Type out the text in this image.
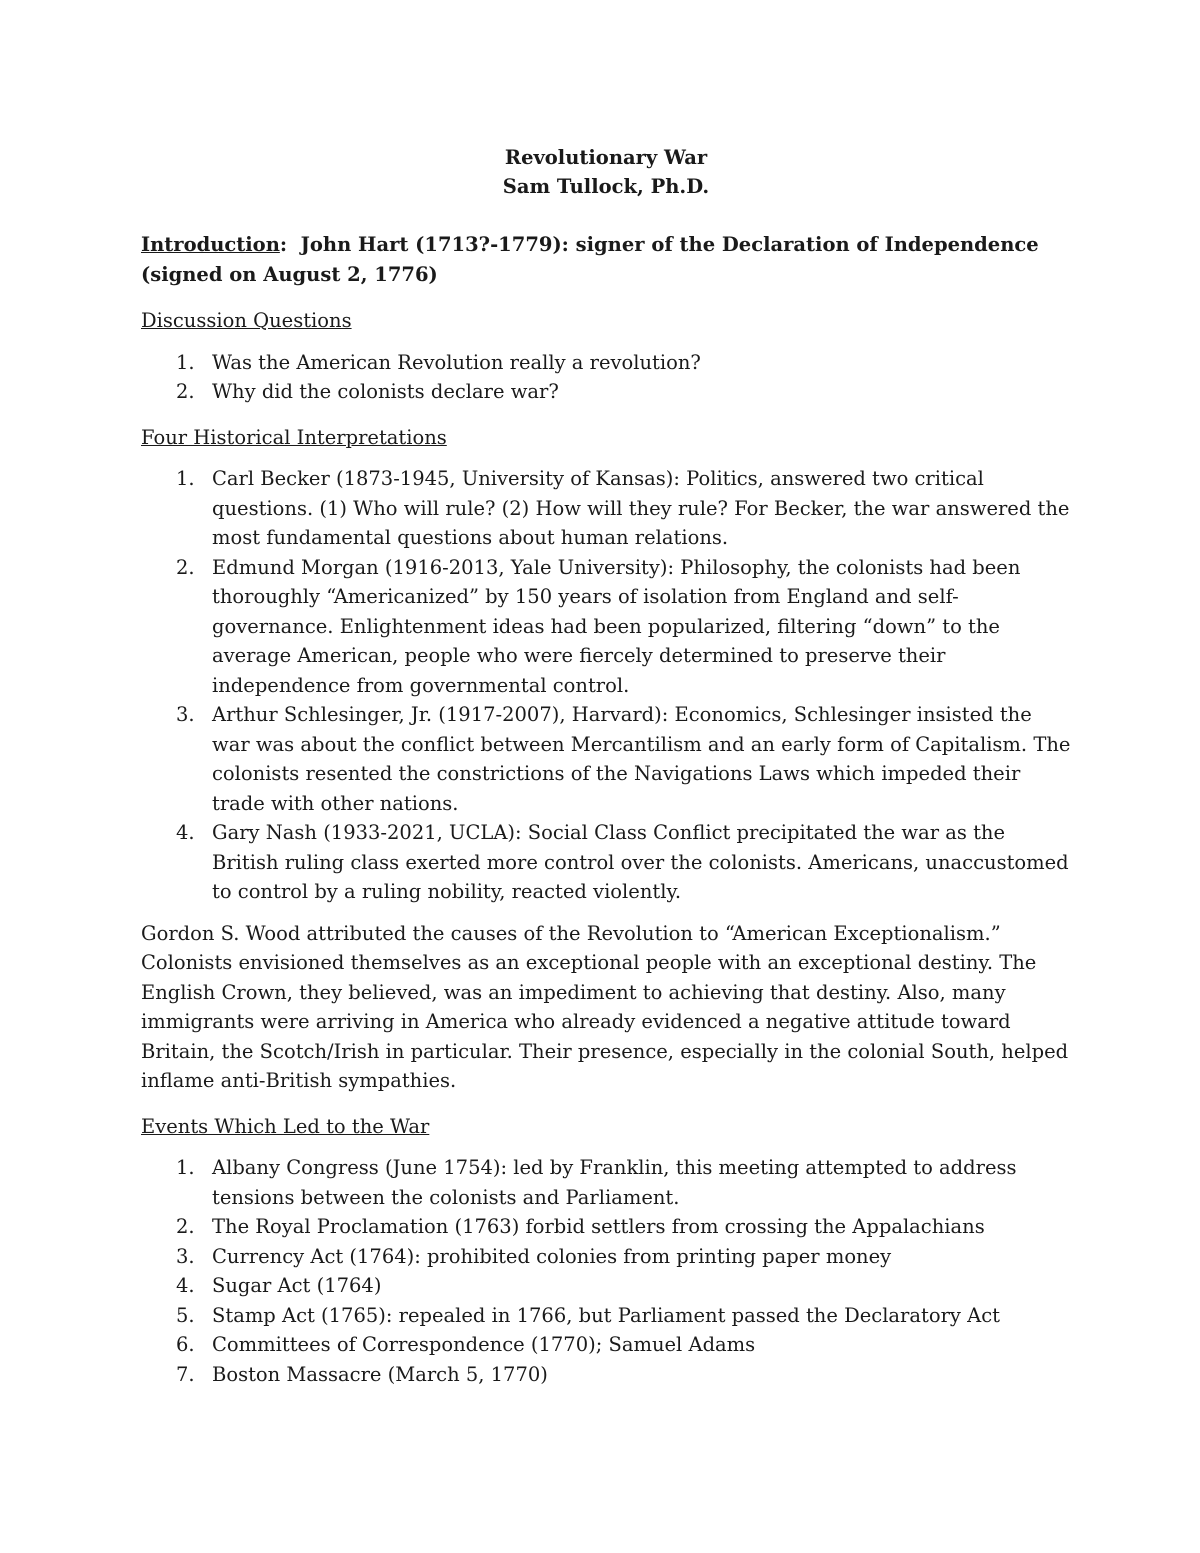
Revolutionary War
Sam Tullock, Ph.D.
Introduction:  John Hart (1713?-1779): signer of the Declaration of Independence (signed on August 2, 1776)
Discussion Questions
1. Was the American Revolution really a revolution?
2. Why did the colonists declare war?
Four Historical Interpretations
1. Carl Becker (1873-1945, University of Kansas): Politics, answered two critical questions. (1) Who will rule? (2) How will they rule? For Becker, the war answered the most fundamental questions about human relations.
2. Edmund Morgan (1916-2013, Yale University): Philosophy, the colonists had been thoroughly “Americanized” by 150 years of isolation from England and self-governance. Enlightenment ideas had been popularized, filtering “down” to the average American, people who were fiercely determined to preserve their independence from governmental control.
3. Arthur Schlesinger, Jr. (1917-2007), Harvard): Economics, Schlesinger insisted the war was about the conflict between Mercantilism and an early form of Capitalism. The colonists resented the constrictions of the Navigations Laws which impeded their trade with other nations.
4. Gary Nash (1933-2021, UCLA): Social Class Conflict precipitated the war as the British ruling class exerted more control over the colonists. Americans, unaccustomed to control by a ruling nobility, reacted violently.
Gordon S. Wood attributed the causes of the Revolution to “American Exceptionalism.” Colonists envisioned themselves as an exceptional people with an exceptional destiny. The English Crown, they believed, was an impediment to achieving that destiny. Also, many immigrants were arriving in America who already evidenced a negative attitude toward Britain, the Scotch/Irish in particular. Their presence, especially in the colonial South, helped inflame anti-British sympathies.
Events Which Led to the War
1. Albany Congress (June 1754): led by Franklin, this meeting attempted to address tensions between the colonists and Parliament.
2. The Royal Proclamation (1763) forbid settlers from crossing the Appalachians
3. Currency Act (1764): prohibited colonies from printing paper money
4. Sugar Act (1764)
5. Stamp Act (1765): repealed in 1766, but Parliament passed the Declaratory Act
6. Committees of Correspondence (1770); Samuel Adams
7. Boston Massacre (March 5, 1770)
